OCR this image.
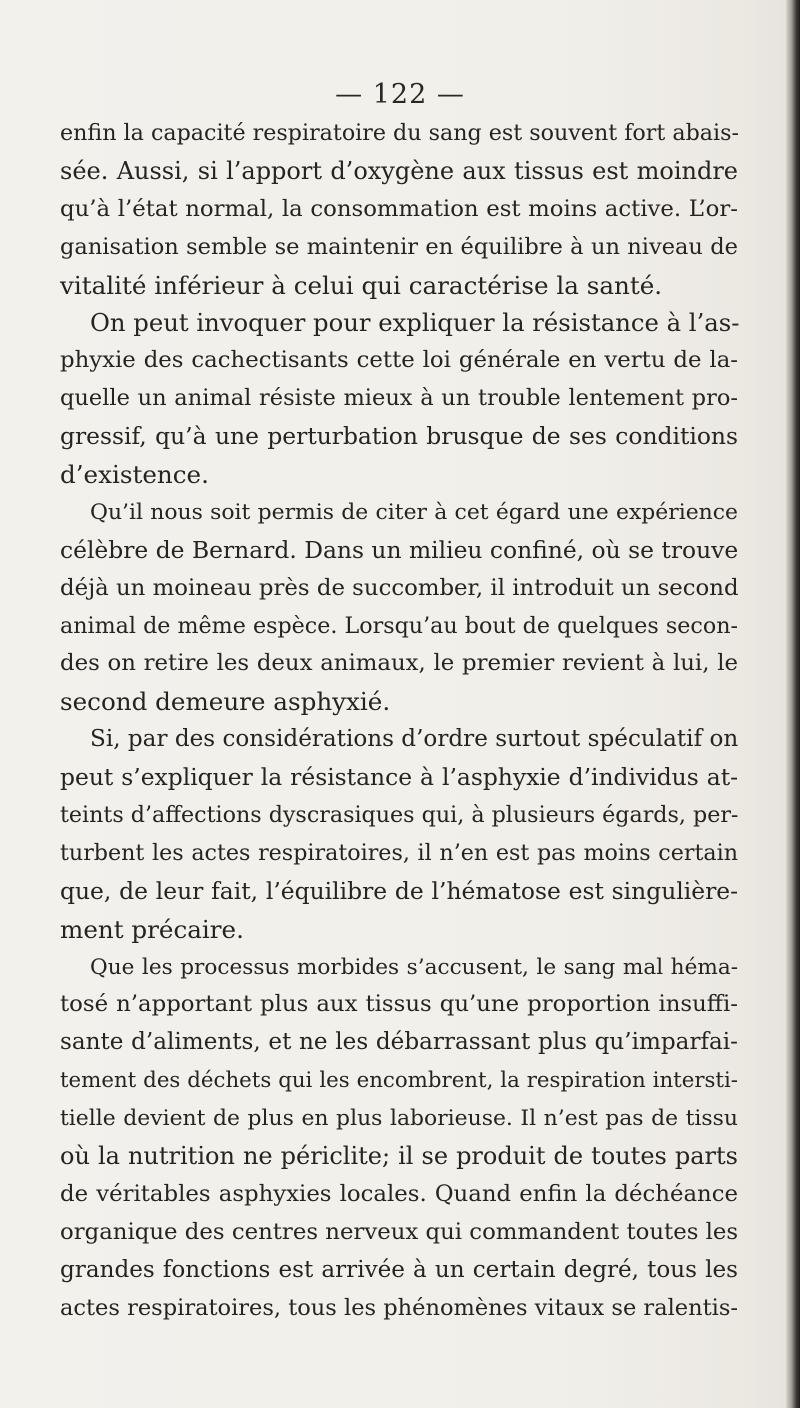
— 122 —
enfin la capacité respiratoire du sang est souvent fort abais-
sée. Aussi, si l’apport d’oxygène aux tissus est moindre
qu’à l’état normal, la consommation est moins active. L’or-
ganisation semble se maintenir en équilibre à un niveau de
vitalité inférieur à celui qui caractérise la santé.
On peut invoquer pour expliquer la résistance à l’as-
phyxie des cachectisants cette loi générale en vertu de la-
quelle un animal résiste mieux à un trouble lentement pro-
gressif, qu’à une perturbation brusque de ses conditions
d’existence.
Qu’il nous soit permis de citer à cet égard une expérience
célèbre de Bernard. Dans un milieu confiné, où se trouve
déjà un moineau près de succomber, il introduit un second
animal de même espèce. Lorsqu’au bout de quelques secon-
des on retire les deux animaux, le premier revient à lui, le
second demeure asphyxié.
Si, par des considérations d’ordre surtout spéculatif on
peut s’expliquer la résistance à l’asphyxie d’individus at-
teints d’affections dyscrasiques qui, à plusieurs égards, per-
turbent les actes respiratoires, il n’en est pas moins certain
que, de leur fait, l’équilibre de l’hématose est singulière-
ment précaire.
Que les processus morbides s’accusent, le sang mal héma-
tosé n’apportant plus aux tissus qu’une proportion insuffi-
sante d’aliments, et ne les débarrassant plus qu’imparfai-
tement des déchets qui les encombrent, la respiration intersti-
tielle devient de plus en plus laborieuse. Il n’est pas de tissu
où la nutrition ne périclite; il se produit de toutes parts
de véritables asphyxies locales. Quand enfin la déchéance
organique des centres nerveux qui commandent toutes les
grandes fonctions est arrivée à un certain degré, tous les
actes respiratoires, tous les phénomènes vitaux se ralentis-
